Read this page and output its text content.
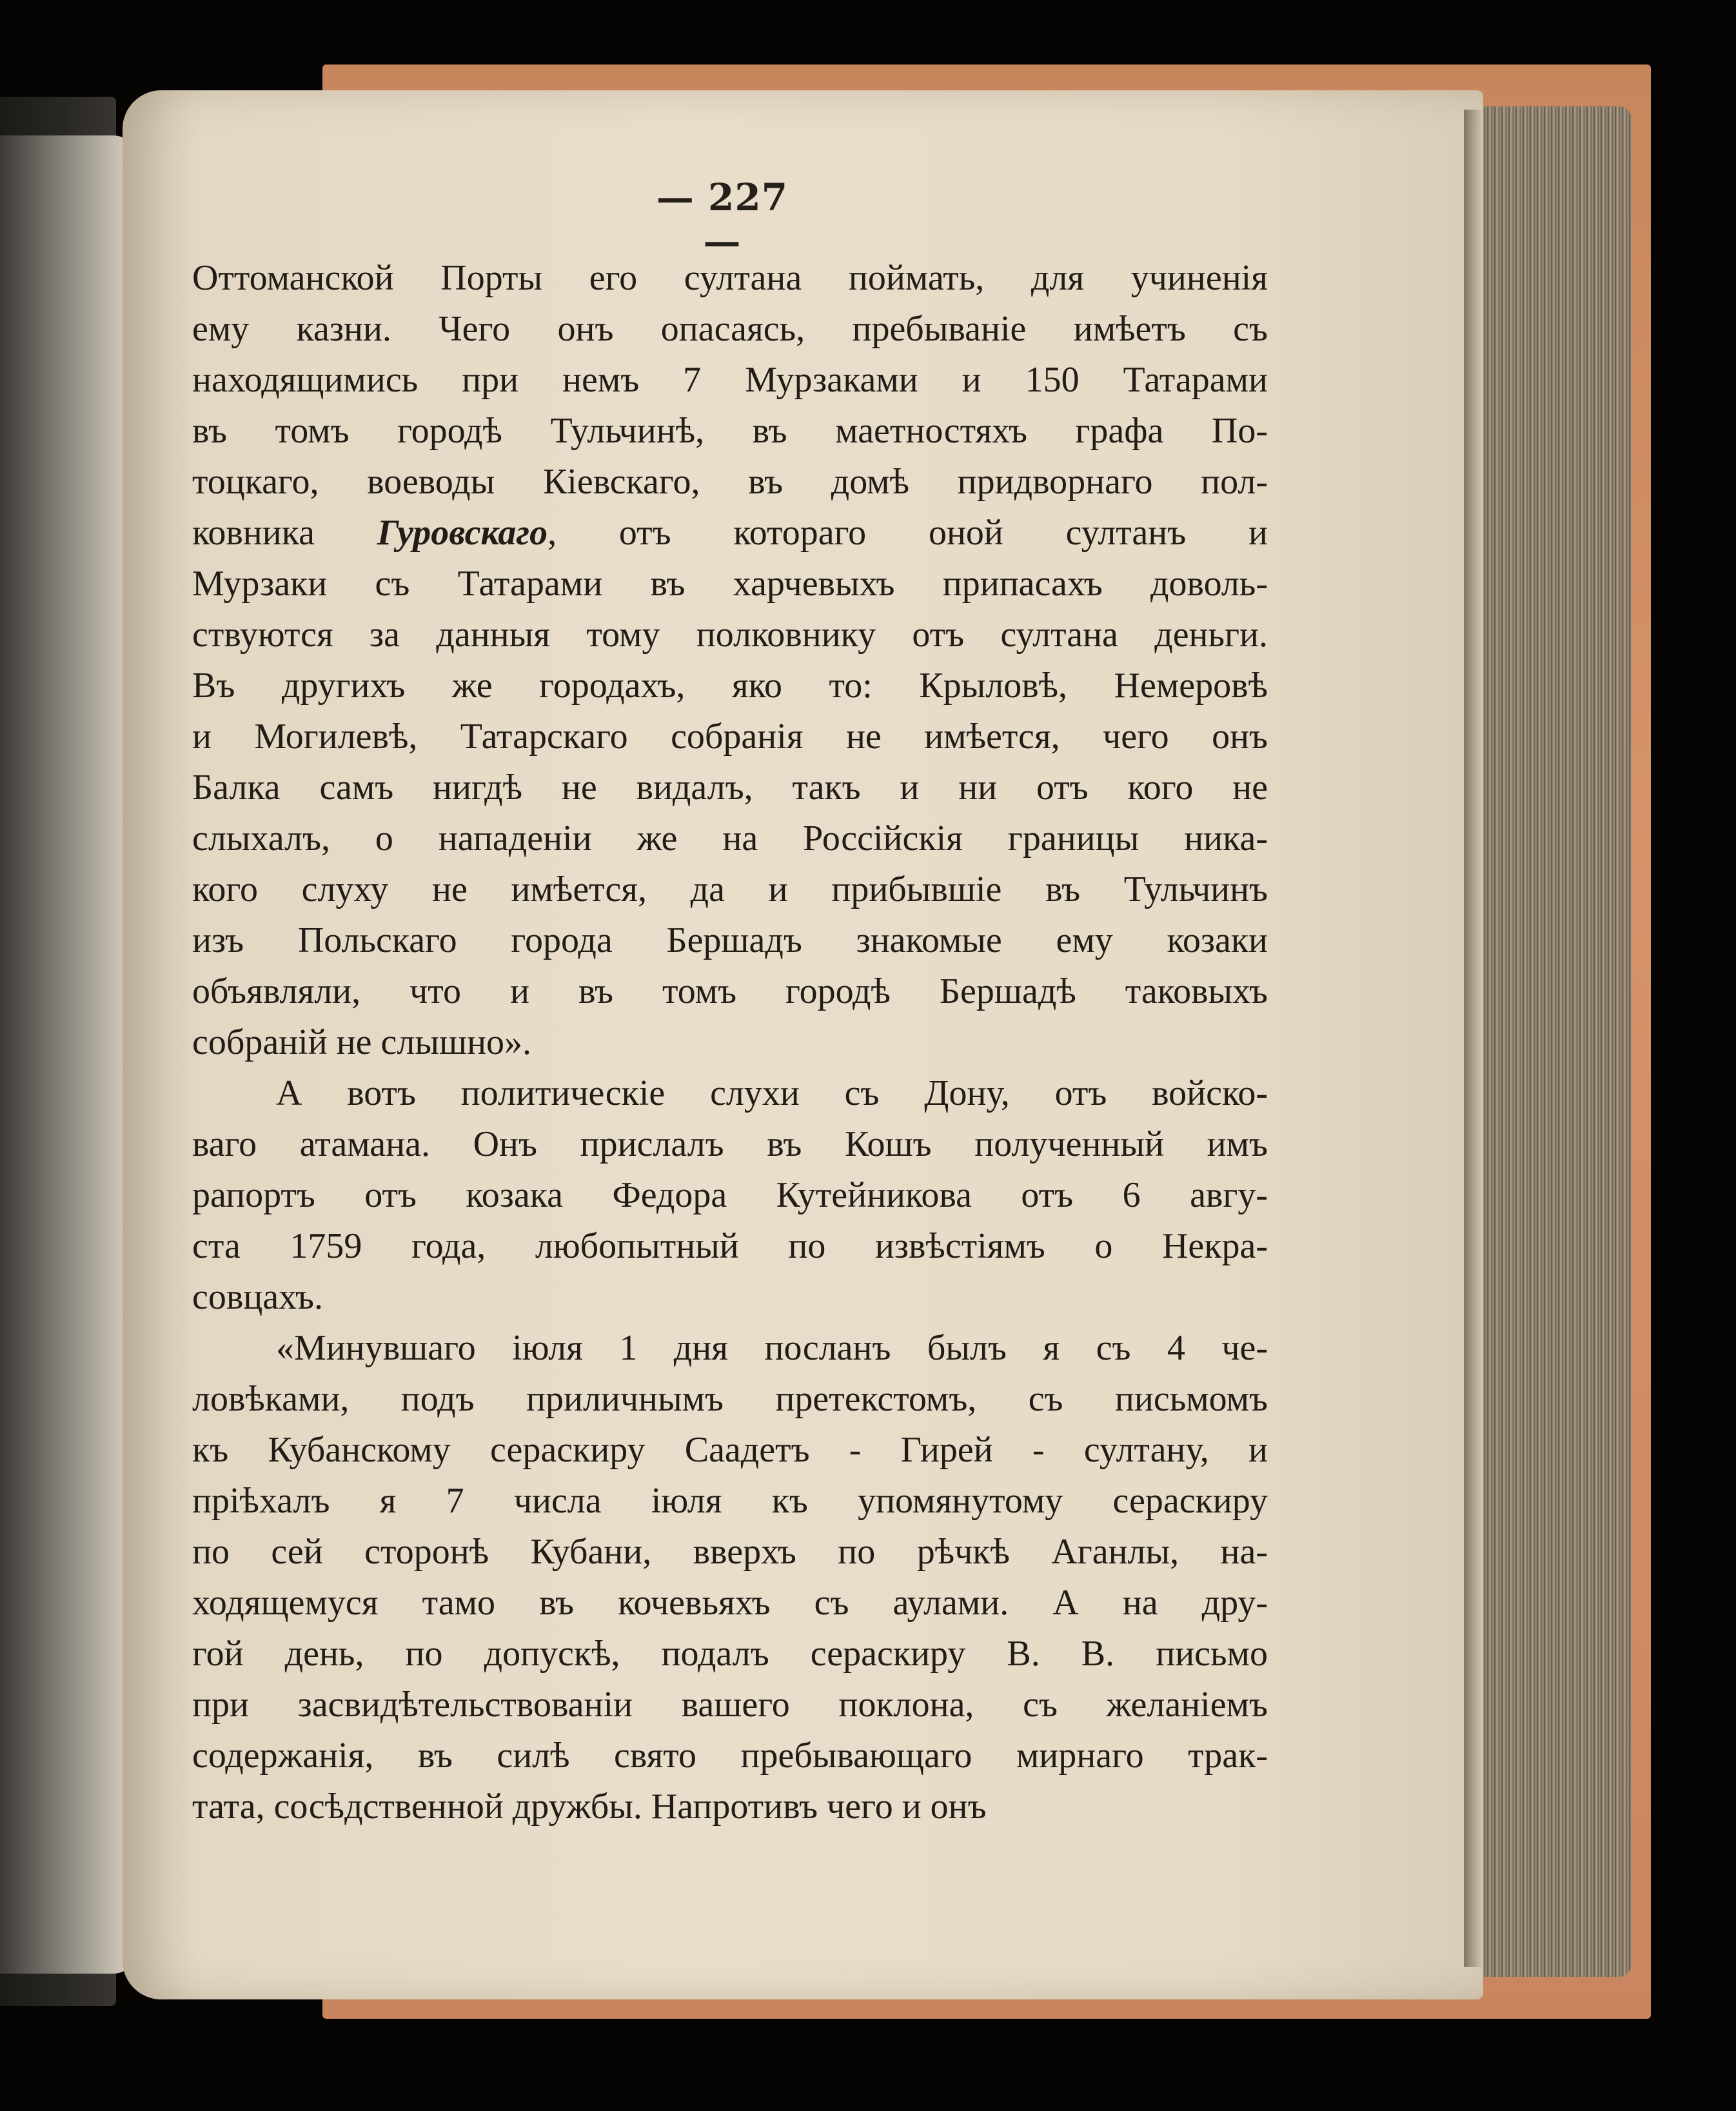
— 227 —
Оттоманской Порты его султана поймать, для учиненія
ему казни. Чего онъ опасаясь, пребываніе имѣетъ съ
находящимись при немъ 7 Мурзаками и 150 Татарами
въ томъ городѣ Тульчинѣ, въ маетностяхъ графа По-
тоцкаго, воеводы Кіевскаго, въ домѣ придворнаго пол-
ковника Гуровскаго, отъ котораго оной султанъ и
Мурзаки съ Татарами въ харчевыхъ припасахъ доволь-
ствуются за данныя тому полковнику отъ султана деньги.
Въ другихъ же городахъ, яко то: Крыловѣ, Немеровѣ
и Могилевѣ, Татарскаго собранія не имѣется, чего онъ
Балка самъ нигдѣ не видалъ, такъ и ни отъ кого не
слыхалъ, о нападеніи же на Россійскія границы ника-
кого слуху не имѣется, да и прибывшіе въ Тульчинъ
изъ Польскаго города Бершадъ знакомые ему козаки
объявляли, что и въ томъ городѣ Бершадѣ таковыхъ
собраній не слышно».
А вотъ политическіе слухи съ Дону, отъ войско-
ваго атамана. Онъ прислалъ въ Кошъ полученный имъ
рапортъ отъ козака Федора Кутейникова отъ 6 авгу-
ста 1759 года, любопытный по извѣстіямъ о Некра-
совцахъ.
«Минувшаго іюля 1 дня посланъ былъ я съ 4 че-
ловѣками, подъ приличнымъ претекстомъ, съ письмомъ
къ Кубанскому сераскиру Саадетъ - Гирей - султану, и
пріѣхалъ я 7 числа іюля къ упомянутому сераскиру
по сей сторонѣ Кубани, вверхъ по рѣчкѣ Аганлы, на-
ходящемуся тамо въ кочевьяхъ съ аулами. А на дру-
гой день, по допускѣ, подалъ сераскиру В. В. письмо
при засвидѣтельствованіи вашего поклона, съ желаніемъ
содержанія, въ силѣ свято пребывающаго мирнаго трак-
тата, сосѣдственной дружбы. Напротивъ чего и онъ
